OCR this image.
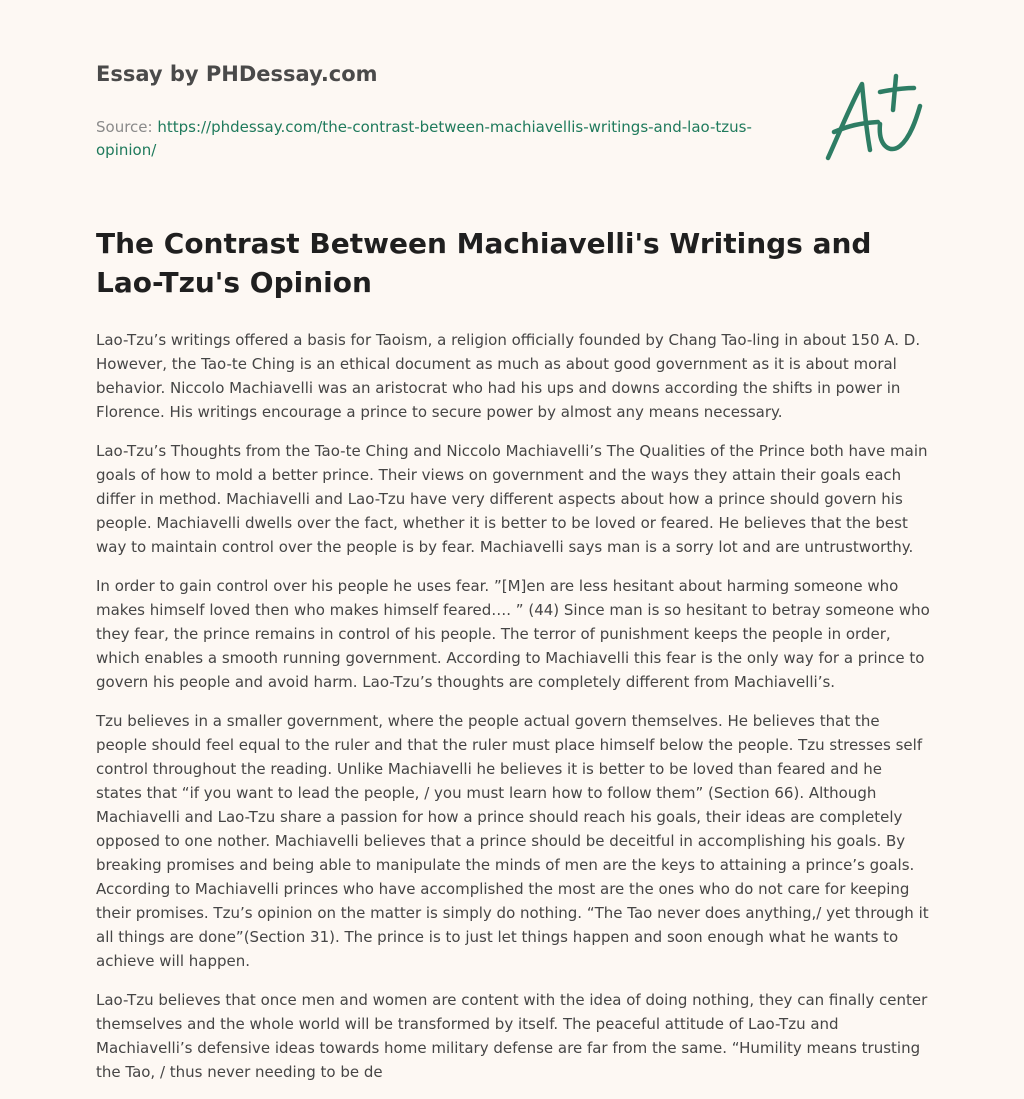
Essay by PHDessay.com
Source: https://phdessay.com/the-contrast-between-machiavellis-writings-and-lao-tzus-opinion/
The Contrast Between Machiavelli's Writings and Lao-Tzu's Opinion

Lao-Tzu’s writings offered a basis for Taoism, a religion officially founded by Chang Tao-ling in about 150 A. D. However, the Tao-te Ching is an ethical document as much as about good government as it is about moral behavior. Niccolo Machiavelli was an aristocrat who had his ups and downs according the shifts in power in Florence. His writings encourage a prince to secure power by almost any means necessary.

Lao-Tzu’s Thoughts from the Tao-te Ching and Niccolo Machiavelli’s The Qualities of the Prince both have main goals of how to mold a better prince. Their views on government and the ways they attain their goals each differ in method. Machiavelli and Lao-Tzu have very different aspects about how a prince should govern his people. Machiavelli dwells over the fact, whether it is better to be loved or feared. He believes that the best way to maintain control over the people is by fear. Machiavelli says man is a sorry lot and are untrustworthy.

In order to gain control over his people he uses fear. ”[M]en are less hesitant about harming someone who makes himself loved then who makes himself feared…. ” (44) Since man is so hesitant to betray someone who they fear, the prince remains in control of his people. The terror of punishment keeps the people in order, which enables a smooth running government. According to Machiavelli this fear is the only way for a prince to govern his people and avoid harm. Lao-Tzu’s thoughts are completely different from Machiavelli’s.

Tzu believes in a smaller government, where the people actual govern themselves. He believes that the people should feel equal to the ruler and that the ruler must place himself below the people. Tzu stresses self control throughout the reading. Unlike Machiavelli he believes it is better to be loved than feared and he states that “if you want to lead the people, / you must learn how to follow them” (Section 66). Although Machiavelli and Lao-Tzu share a passion for how a prince should reach his goals, their ideas are completely opposed to one nother. Machiavelli believes that a prince should be deceitful in accomplishing his goals. By breaking promises and being able to manipulate the minds of men are the keys to attaining a prince’s goals. According to Machiavelli princes who have accomplished the most are the ones who do not care for keeping their promises. Tzu’s opinion on the matter is simply do nothing. “The Tao never does anything,/ yet through it all things are done”(Section 31). The prince is to just let things happen and soon enough what he wants to achieve will happen.

Lao-Tzu believes that once men and women are content with the idea of doing nothing, they can finally center themselves and the whole world will be transformed by itself. The peaceful attitude of Lao-Tzu and Machiavelli’s defensive ideas towards home military defense are far from the same. “Humility means trusting the Tao, / thus never needing to be de
